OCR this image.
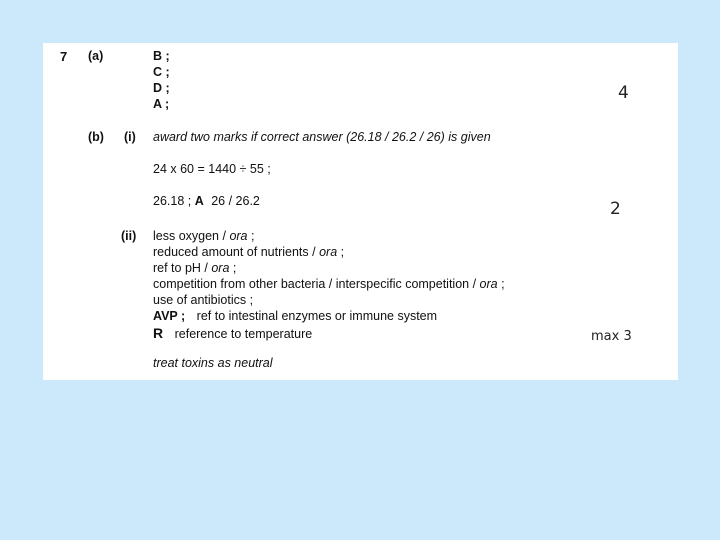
7 (a)	B ;
C ;
D ;
A ;
4
(b) (i) award two marks if correct answer (26.18 / 26.2 / 26) is given
24 x 60 = 1440 ÷ 55 ;
26.18 ; A 26 / 26.2	2
(ii) less oxygen / ora ;
reduced amount of nutrients / ora ;
ref to pH / ora ;
competition from other bacteria / interspecific competition / ora ;
use of antibiotics ;
AVP ; ref to intestinal enzymes or immune system
R reference to temperature
treat toxins as neutral
max 3
